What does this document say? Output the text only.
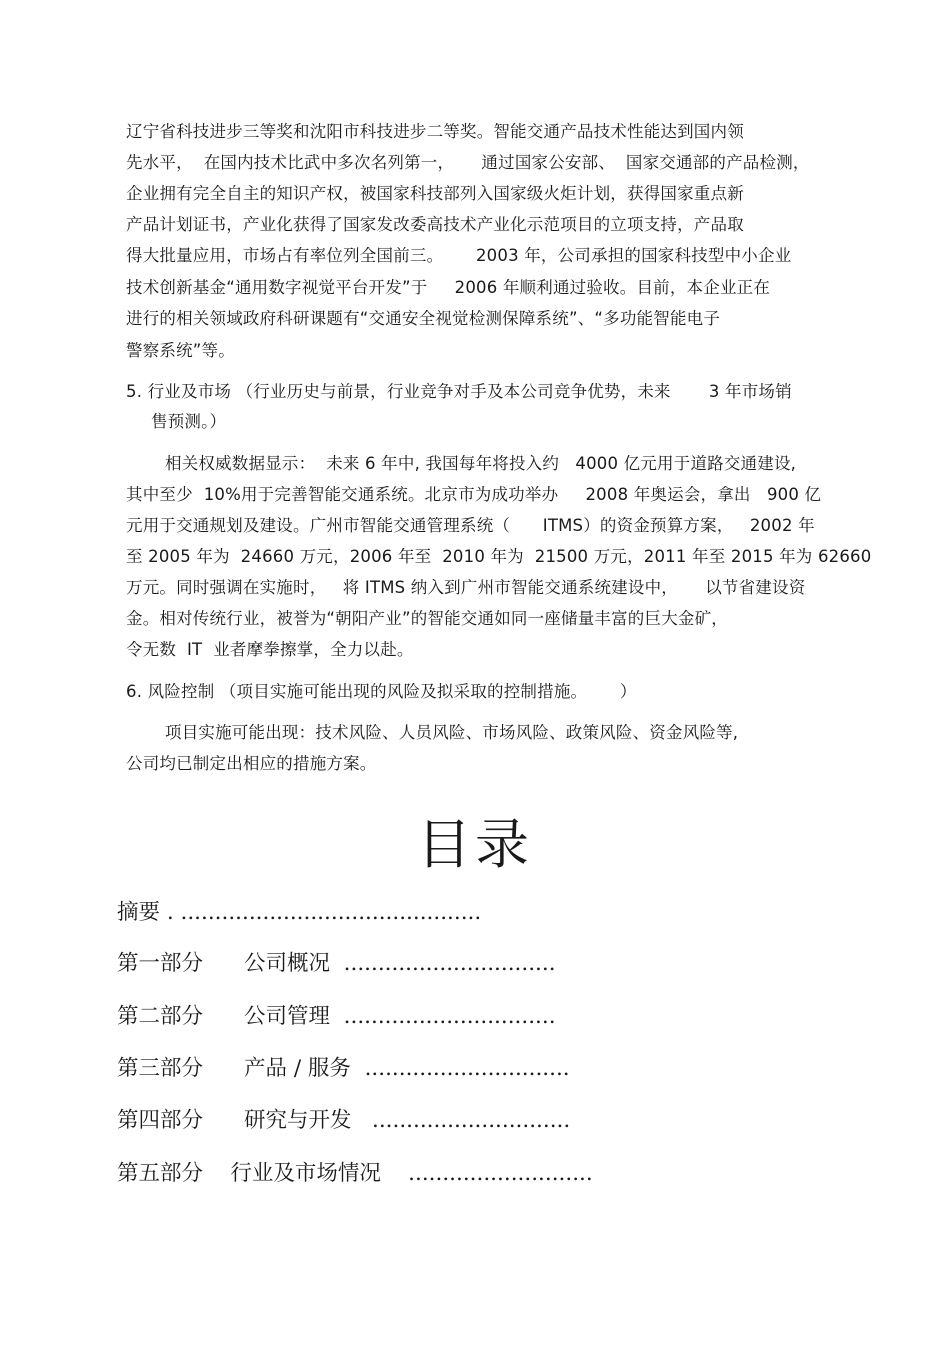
辽宁省科技进步三等奖和沈阳市科技进步二等奖。智能交通产品技术性能达到国内领
先水平，  在国内技术比武中多次名列第一，     通过国家公安部、  国家交通部的产品检测，
企业拥有完全自主的知识产权，被国家科技部列入国家级火炬计划，获得国家重点新
产品计划证书，产业化获得了国家发改委高技术产业化示范项目的立项支持，产品取
得大批量应用，市场占有率位列全国前三。      2003 年，公司承担的国家科技型中小企业
技术创新基金“通用数字视觉平台开发”于     2006 年顺利通过验收。目前，本企业正在
进行的相关领域政府科研课题有“交通安全视觉检测保障系统”、“多功能智能电子
警察系统”等。
5. 行业及市场 （行业历史与前景，行业竞争对手及本公司竞争优势，未来       3 年市场销
售预测。）
相关权威数据显示：  未来 6 年中, 我国每年将投入约   4000 亿元用于道路交通建设,
其中至少  10%用于完善智能交通系统。北京市为成功举办     2008 年奥运会，拿出   900 亿
元用于交通规划及建设。广州市智能交通管理系统（      ITMS）的资金预算方案，   2002 年
至 2005 年为  24660 万元，2006 年至  2010 年为  21500 万元，2011 年至 2015 年为 62660
万元。同时强调在实施时，   将 ITMS 纳入到广州市智能交通系统建设中，     以节省建设资
金。相对传统行业，被誉为“朝阳产业”的智能交通如同一座储量丰富的巨大金矿，
令无数  IT  业者摩拳擦掌，全力以赴。
6. 风险控制 （项目实施可能出现的风险及拟采取的控制措施。      ）
项目实施可能出现：技术风险、人员风险、市场风险、政策风险、资金风险等,
公司均已制定出相应的措施方案。
目录
摘要 . ............................................
第一部分      公司概况  ...............................
第二部分      公司管理  ...............................
第三部分      产品 / 服务  ..............................
第四部分      研究与开发   .............................
第五部分    行业及市场情况    ...........................
